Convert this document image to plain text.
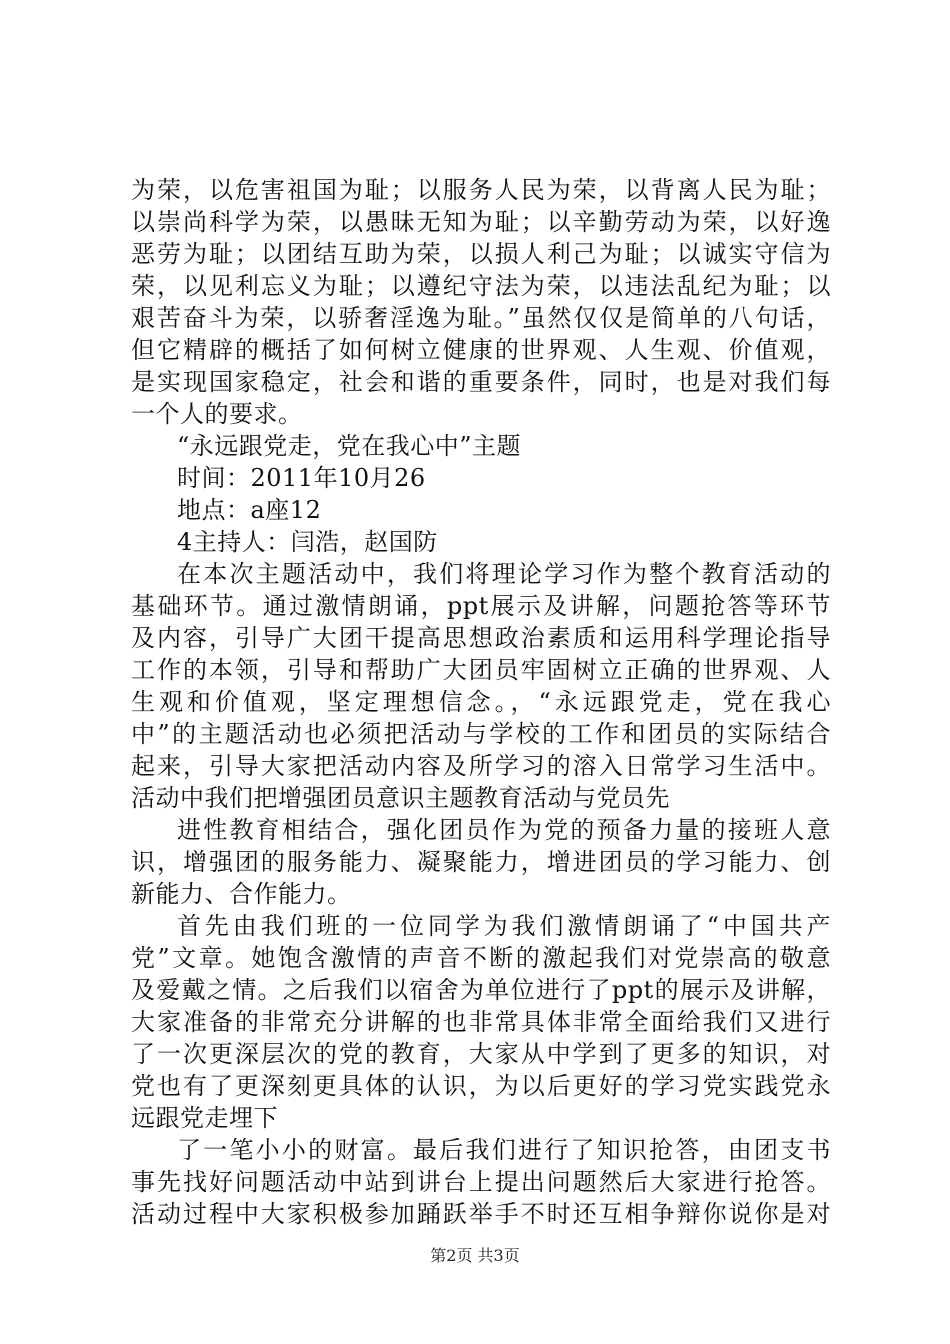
为荣，以危害祖国为耻；以服务人民为荣，以背离人民为耻；
以崇尚科学为荣，以愚昧无知为耻；以辛勤劳动为荣，以好逸
恶劳为耻；以团结互助为荣，以损人利己为耻；以诚实守信为
荣，以见利忘义为耻；以遵纪守法为荣，以违法乱纪为耻；以
艰苦奋斗为荣，以骄奢淫逸为耻。”虽然仅仅是简单的八句话，
但它精辟的概括了如何树立健康的世界观、人生观、价值观，
是实现国家稳定，社会和谐的重要条件，同时，也是对我们每
一个人的要求。
“永远跟党走，党在我心中”主题
时间：2011年10月26
地点：a座12
4主持人：闫浩，赵国防
在本次主题活动中，我们将理论学习作为整个教育活动的
基础环节。通过激情朗诵，ppt展示及讲解，问题抢答等环节
及内容，引导广大团干提高思想政治素质和运用科学理论指导
工作的本领，引导和帮助广大团员牢固树立正确的世界观、人
生观和价值观，坚定理想信念。，“永远跟党走，党在我心
中”的主题活动也必须把活动与学校的工作和团员的实际结合
起来，引导大家把活动内容及所学习的溶入日常学习生活中。
活动中我们把增强团员意识主题教育活动与党员先
进性教育相结合，强化团员作为党的预备力量的接班人意
识，增强团的服务能力、凝聚能力，增进团员的学习能力、创
新能力、合作能力。
首先由我们班的一位同学为我们激情朗诵了“中国共产
党”文章。她饱含激情的声音不断的激起我们对党崇高的敬意
及爱戴之情。之后我们以宿舍为单位进行了ppt的展示及讲解，
大家准备的非常充分讲解的也非常具体非常全面给我们又进行
了一次更深层次的党的教育，大家从中学到了更多的知识，对
党也有了更深刻更具体的认识，为以后更好的学习党实践党永
远跟党走埋下
了一笔小小的财富。最后我们进行了知识抢答，由团支书
事先找好问题活动中站到讲台上提出问题然后大家进行抢答。
活动过程中大家积极参加踊跃举手不时还互相争辩你说你是对
第2页 共3页
